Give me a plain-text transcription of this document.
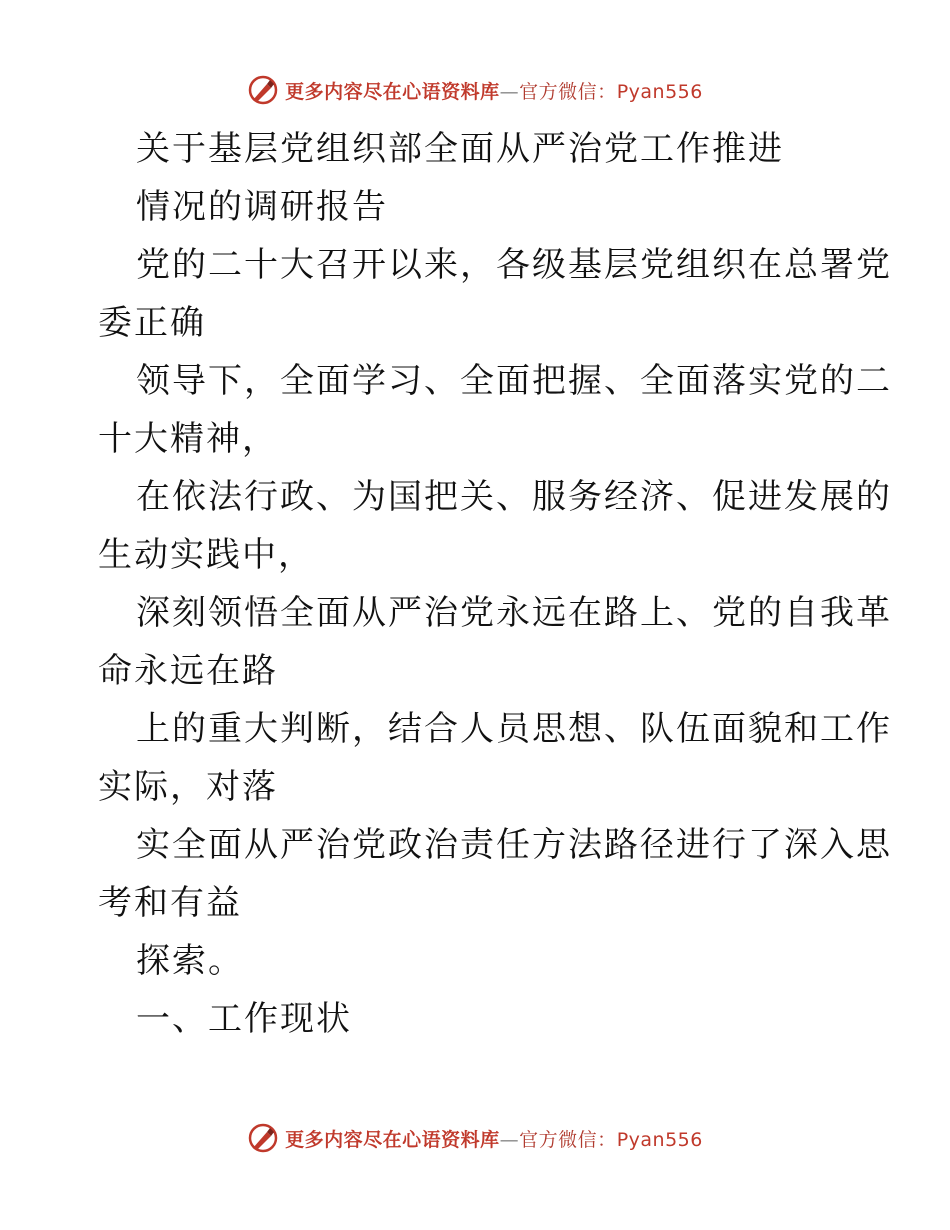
更多内容尽在心语资料库—官方微信：Pyan556
关于基层党组织部全面从严治党工作推进
情况的调研报告
党的二十大召开以来，各级基层党组织在总署党
委正确
领导下，全面学习、全面把握、全面落实党的二
十大精神，
在依法行政、为国把关、服务经济、促进发展的
生动实践中，
深刻领悟全面从严治党永远在路上、党的自我革
命永远在路
上的重大判断，结合人员思想、队伍面貌和工作
实际，对落
实全面从严治党政治责任方法路径进行了深入思
考和有益
探索。
一、工作现状
更多内容尽在心语资料库—官方微信：Pyan556
